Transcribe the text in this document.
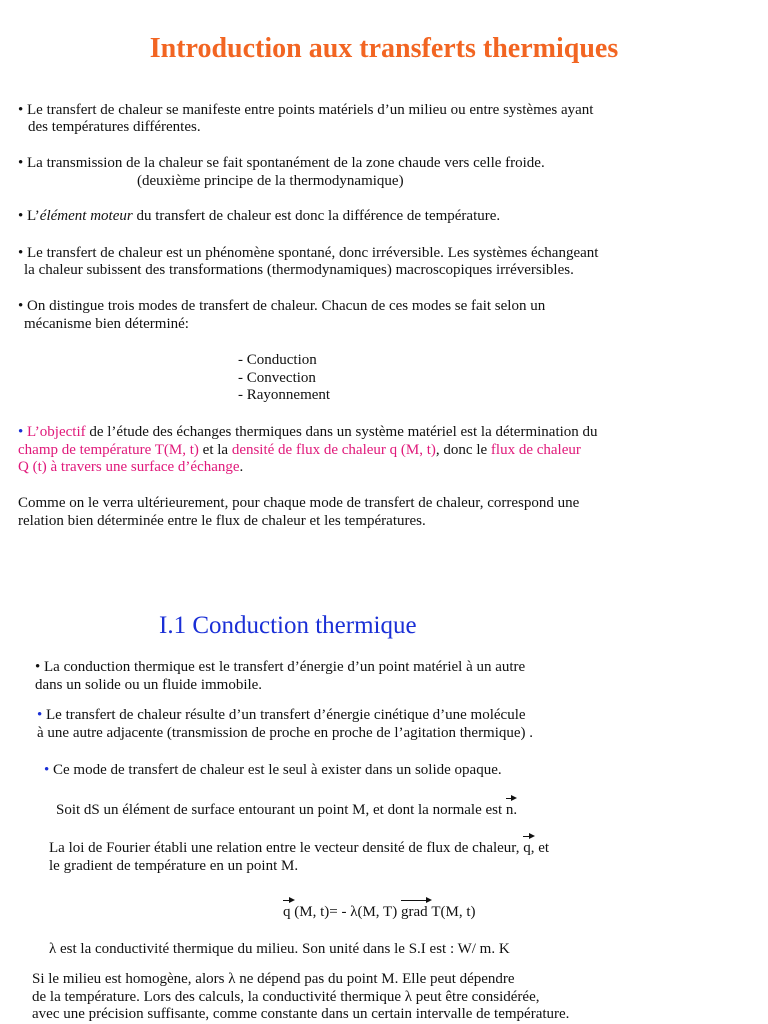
Introduction aux transferts thermiques
• Le transfert de chaleur se manifeste entre points matériels d’un milieu ou entre systèmes ayant
des températures différentes.
• La transmission de la chaleur se fait spontanément de la zone chaude vers celle froide.
(deuxième principe de la thermodynamique)
• L’élément moteur du transfert de chaleur est donc la différence de température.
• Le transfert de chaleur est un phénomène spontané, donc irréversible. Les systèmes échangeant
la chaleur subissent des transformations (thermodynamiques) macroscopiques irréversibles.
• On distingue trois modes de transfert de chaleur. Chacun de ces modes se fait selon un
mécanisme bien déterminé:
- Conduction
- Convection
- Rayonnement
• L’objectif de l’étude des échanges thermiques dans un système matériel est la détermination du
champ de température T(M, t) et la densité de flux de chaleur q (M, t), donc le flux de chaleur
Q (t) à travers une surface d’échange.
Comme on le verra ultérieurement, pour chaque mode de transfert de chaleur, correspond une
relation bien déterminée entre le flux de chaleur et les températures.
I.1 Conduction thermique
• La conduction thermique est le transfert d’énergie d’un point matériel à un autre
dans un solide ou un fluide immobile.
• Le transfert de chaleur résulte d’un transfert d’énergie cinétique d’une molécule
à une autre adjacente (transmission de proche en proche de l’agitation thermique) .
• Ce mode de transfert de chaleur est le seul à exister dans un solide opaque.
Soit dS un élément de surface entourant un point M, et dont la normale est n.
La loi de Fourier établi une relation entre le vecteur densité de flux de chaleur, q, et
le gradient de température en un point M.
q (M, t)= - λ(M, T) grad T(M, t)
λ est la conductivité thermique du milieu. Son unité dans le S.I est : W/ m. K
Si le milieu est homogène, alors λ ne dépend pas du point M. Elle peut dépendre
de la température. Lors des calculs, la conductivité thermique λ peut être considérée,
avec une précision suffisante, comme constante dans un certain intervalle de température.
